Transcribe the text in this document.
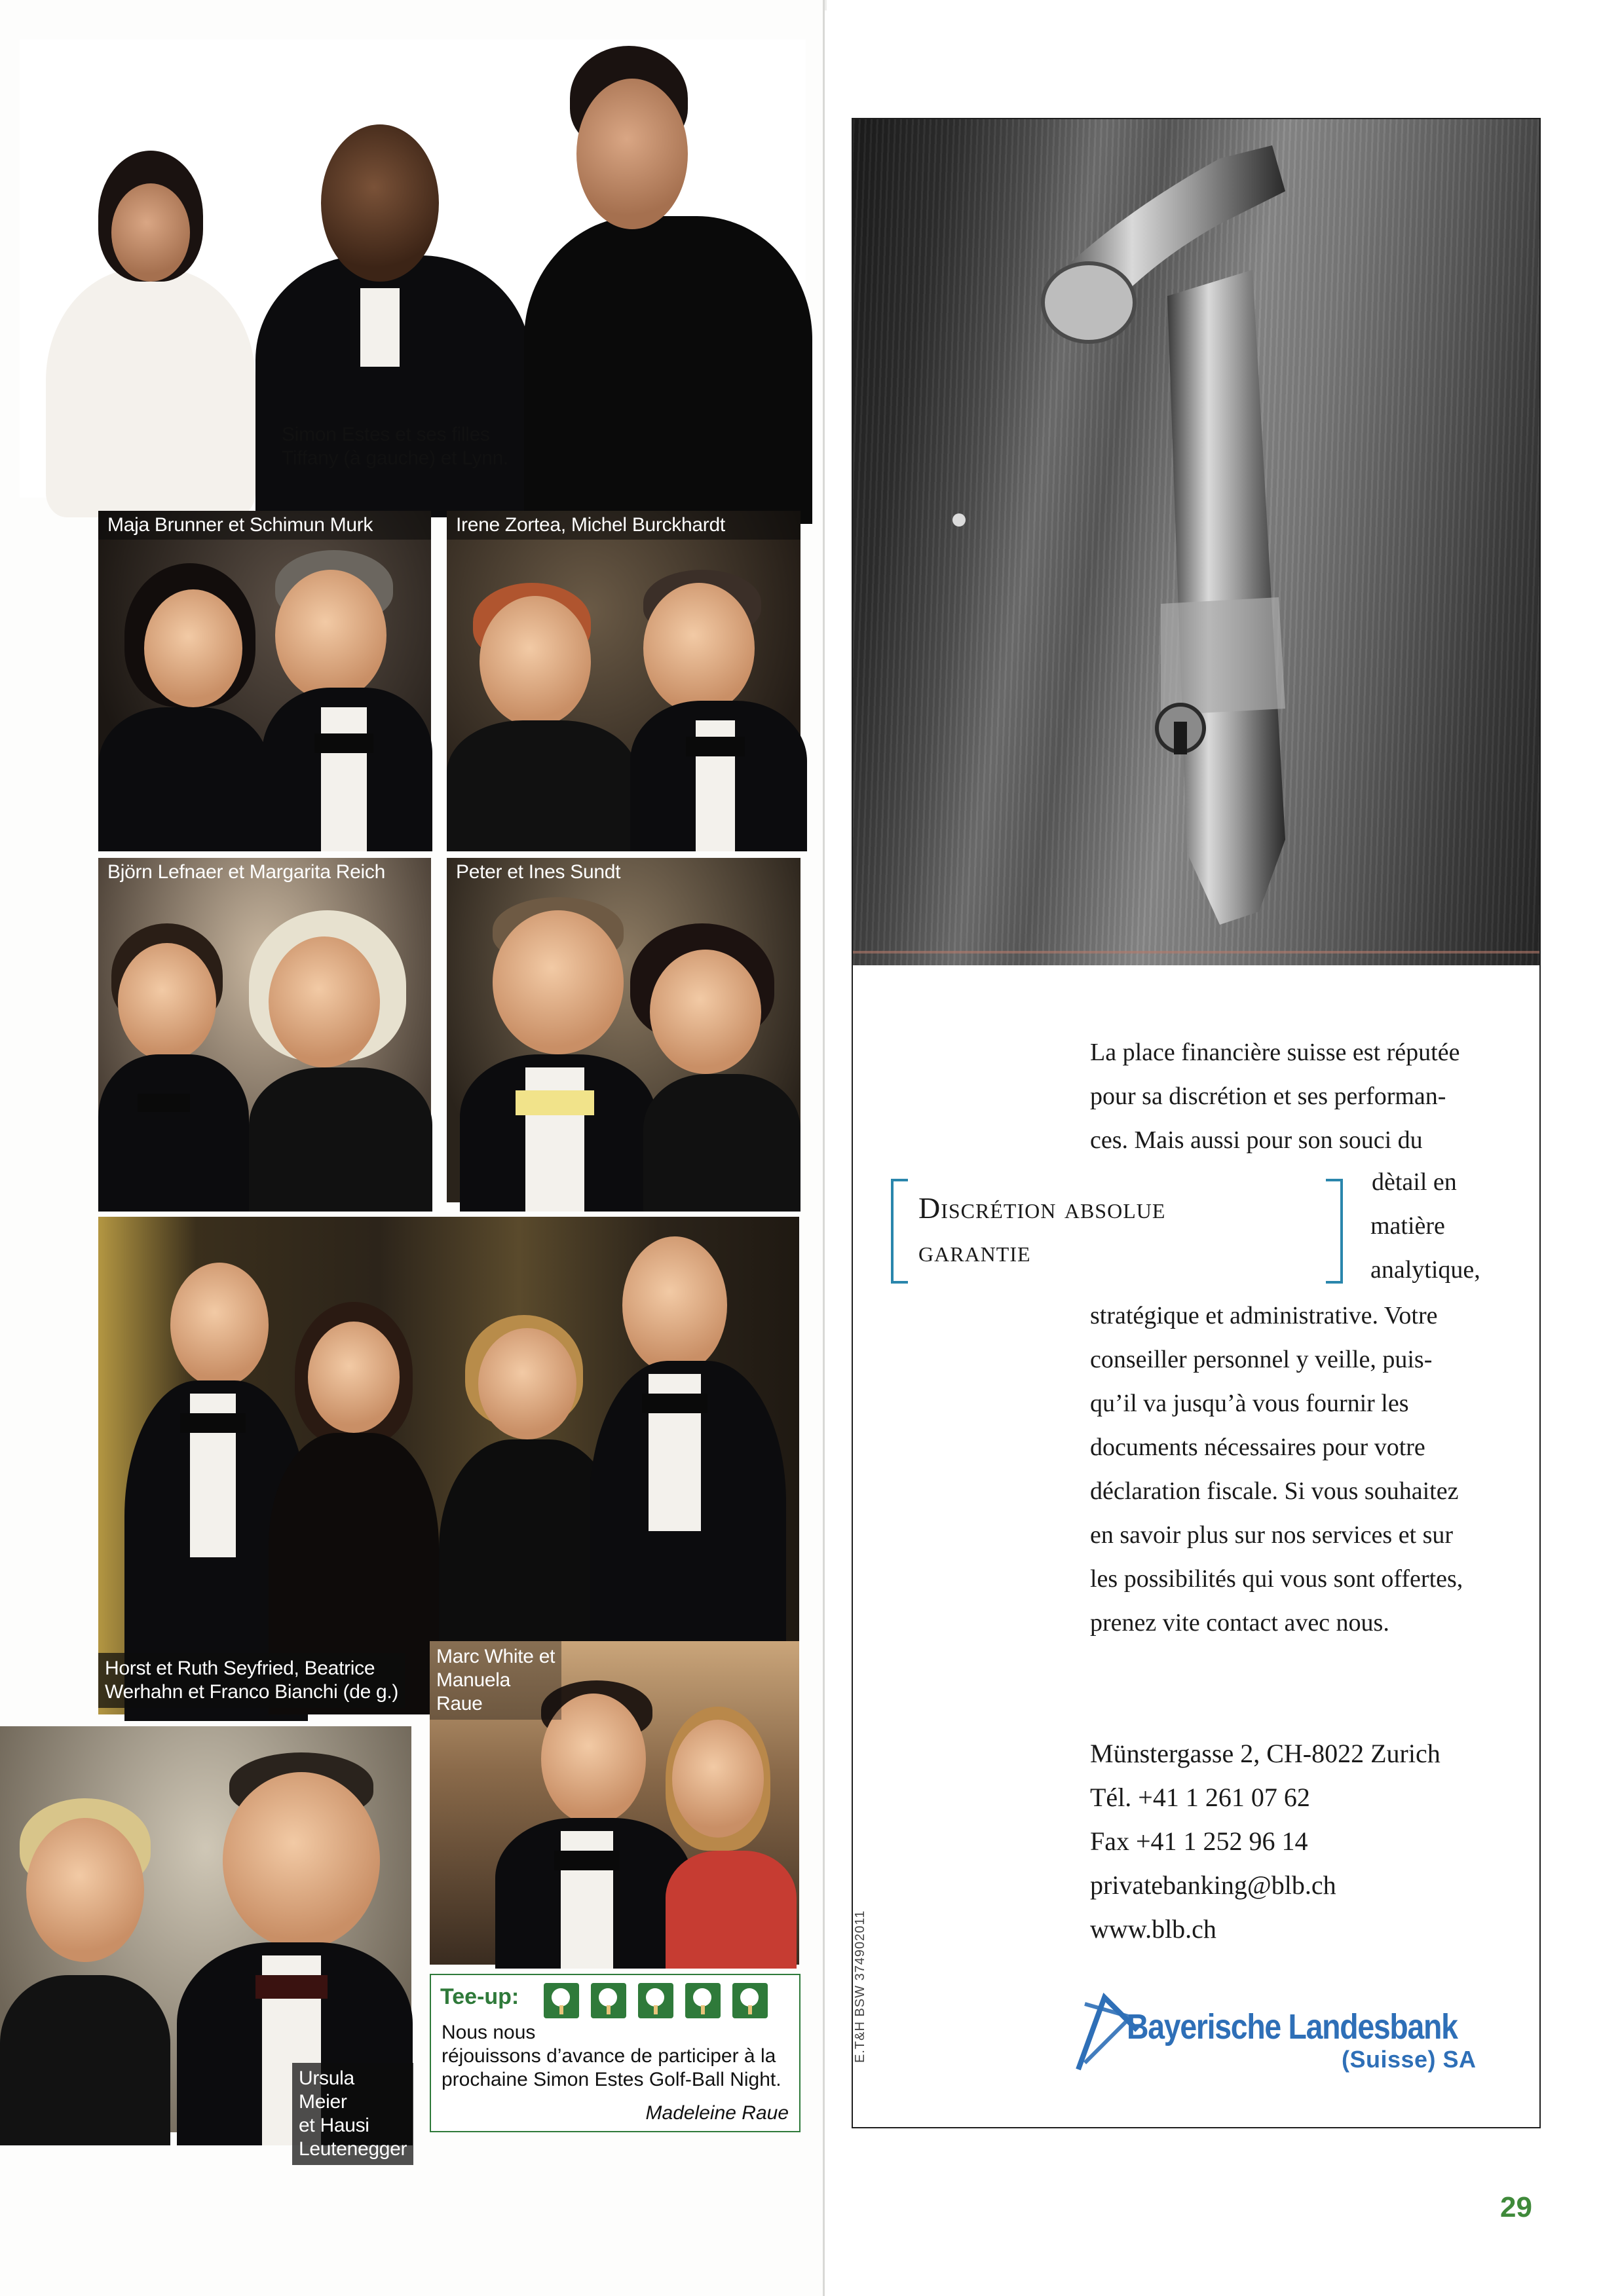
Simon Estes et ses filles
Tiffany (à gauche) et Lynn.
Maja Brunner et Schimun Murk	Irene Zortea, Michel Burckhardt
Björn Lefnaer et Margarita Reich	Peter et Ines Sundt
Horst et Ruth Seyfried, Beatrice
Werhahn et Franco Bianchi (de g.)
Ursula Meier
et Hausi
Leutenegger
Marc White et
Manuela
Raue
Tee-up:
Nous nous
réjouissons d’avance de participer à la
prochaine Simon Estes Golf-Ball Night.
Madeleine Raue
La place financière suisse est réputée
pour sa discrétion et ses performan-
ces. Mais aussi pour son souci du
stratégique et administrative. Votre
conseiller personnel y veille, puis-
qu’il va jusqu’à vous fournir les
documents nécessaires pour votre
déclaration fiscale. Si vous souhaitez
en savoir plus sur nos services et sur
les possibilités qui vous sont offertes,
prenez vite contact avec nous.
dètail en
matière
analytique,
Discrétion absolue
garantie
Münstergasse 2, CH-8022 Zurich
Tél. +41 1 261 07 62
Fax +41 1 252 96 14
privatebanking@blb.ch
www.blb.ch
E.T&H BSW 374902011	Bayerische Landesbank
(Suisse) SA
29
